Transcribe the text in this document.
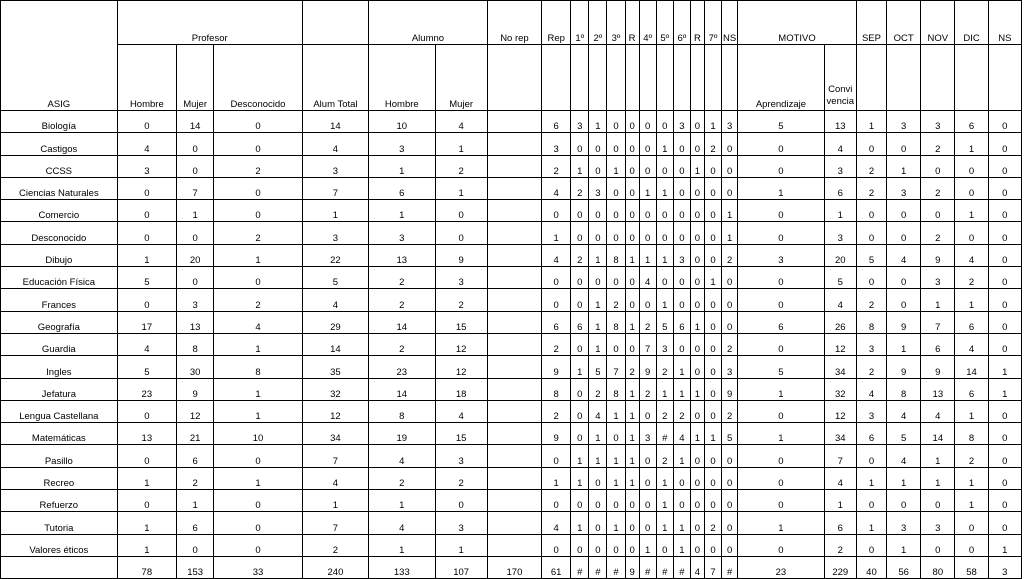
ASIG	Profesor				Alumno		No rep	Rep	1º	2º	3º	R	4º	5º	6º	R	7º	NS	MOTIVO		SEP	OCT	NOV	DIC	NS
	Hombre	Mujer	Desconocido	Alum Total	Hombre	Mujer													Aprendizaje	Convi vencia					

Biología	0	14	0	14	10	4		6	3	1	0	0	0	0	3	0	1	3	5	13	1	3	3	6	0
Castigos	4	0	0	4	3	1		3	0	0	0	0	0	1	0	0	2	0	0	4	0	0	2	1	0
CCSS	3	0	2	3	1	2		2	1	0	1	0	0	0	0	1	0	0	0	3	2	1	0	0	0
Ciencias Naturales	0	7	0	7	6	1		4	2	3	0	0	1	1	0	0	0	0	1	6	2	3	2	0	0
Comercio	0	1	0	1	1	0		0	0	0	0	0	0	0	0	0	0	1	0	1	0	0	0	1	0
Desconocido	0	0	2	3	3	0		1	0	0	0	0	0	0	0	0	0	1	0	3	0	0	2	0	0
Dibujo	1	20	1	22	13	9		4	2	1	8	1	1	1	3	0	0	2	3	20	5	4	9	4	0
Educación Física	5	0	0	5	2	3		0	0	0	0	0	4	0	0	0	1	0	0	5	0	0	3	2	0
Frances	0	3	2	4	2	2		0	0	1	2	0	0	1	0	0	0	0	0	4	2	0	1	1	0
Geografía	17	13	4	29	14	15		6	6	1	8	1	2	5	6	1	0	0	6	26	8	9	7	6	0
Guardia	4	8	1	14	2	12		2	0	1	0	0	7	3	0	0	0	2	0	12	3	1	6	4	0
Ingles	5	30	8	35	23	12		9	1	5	7	2	9	2	1	0	0	3	5	34	2	9	9	14	1
Jefatura	23	9	1	32	14	18		8	0	2	8	1	2	1	1	1	0	9	1	32	4	8	13	6	1
Lengua Castellana	0	12	1	12	8	4		2	0	4	1	1	0	2	2	0	0	2	0	12	3	4	4	1	0
Matemáticas	13	21	10	34	19	15		9	0	1	0	1	3	#	4	1	1	5	1	34	6	5	14	8	0
Pasillo	0	6	0	7	4	3		0	1	1	1	1	0	2	1	0	0	0	0	7	0	4	1	2	0
Recreo	1	2	1	4	2	2		1	1	0	1	1	0	1	0	0	0	0	0	4	1	1	1	1	0
Refuerzo	0	1	0	1	1	0		0	0	0	0	0	0	1	0	0	0	0	0	1	0	0	0	1	0
Tutoria	1	6	0	7	4	3		4	1	0	1	0	0	1	1	0	2	0	1	6	1	3	3	0	0
Valores éticos	1	0	0	2	1	1		0	0	0	0	0	1	0	1	0	0	0	0	2	0	1	0	0	1
	78	153	33	240	133	107	170	61	#	#	#	9	#	#	#	4	7	#	23	229	40	56	80	58	3
